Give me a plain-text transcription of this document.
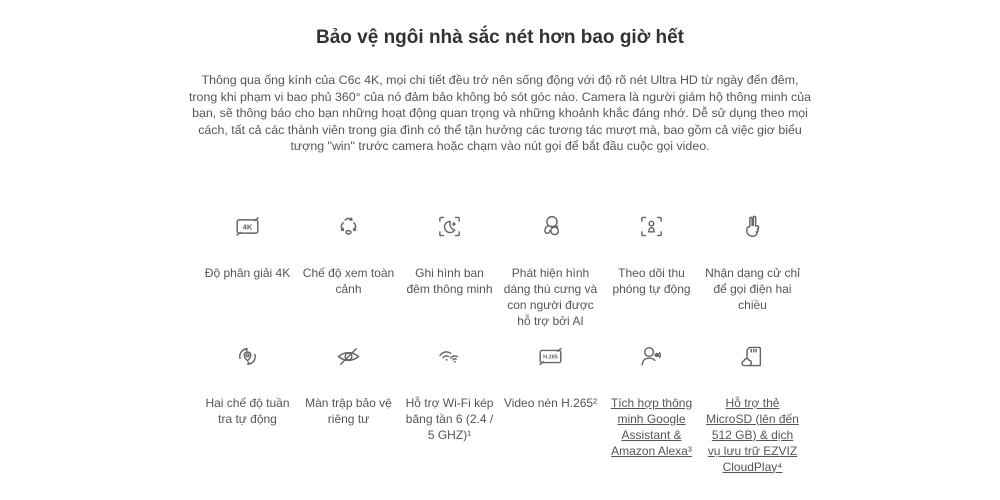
Bảo vệ ngôi nhà sắc nét hơn bao giờ hết

Thông qua ống kính của C6c 4K, mọi chi tiết đều trở nên sống động với độ rõ nét Ultra HD từ ngày đến đêm, trong khi phạm vi bao phủ 360° của nó đảm bảo không bỏ sót góc nào. Camera là người giám hộ thông minh của bạn, sẽ thông báo cho bạn những hoạt động quan trọng và những khoảnh khắc đáng nhớ. Dễ sử dụng theo mọi cách, tất cả các thành viên trong gia đình có thể tận hưởng các tương tác mượt mà, bao gồm cả việc giơ biểu tượng "win" trước camera hoặc chạm vào nút gọi để bắt đầu cuộc gọi video.

4K
Độ phân giải 4K	Chế độ xem toàn cảnh
Ghi hình ban đêm thông minh
Phát hiện hình dáng thú cưng và con người được hỗ trợ bởi AI
Theo dõi thu phóng tự động
Nhận dạng cử chỉ để gọi điện hai chiều
Hai chế độ tuần tra tự động
Màn trập bảo vệ riêng tư
Hỗ trợ Wi-Fi kép băng tần 6 (2.4 / 5 GHZ)¹
H.265
Video nén H.265²	Tích hợp thông minh Google Assistant & Amazon Alexa³
Hỗ trợ thẻ MicroSD (lên đến 512 GB) & dịch vụ lưu trữ EZVIZ CloudPlay⁴
